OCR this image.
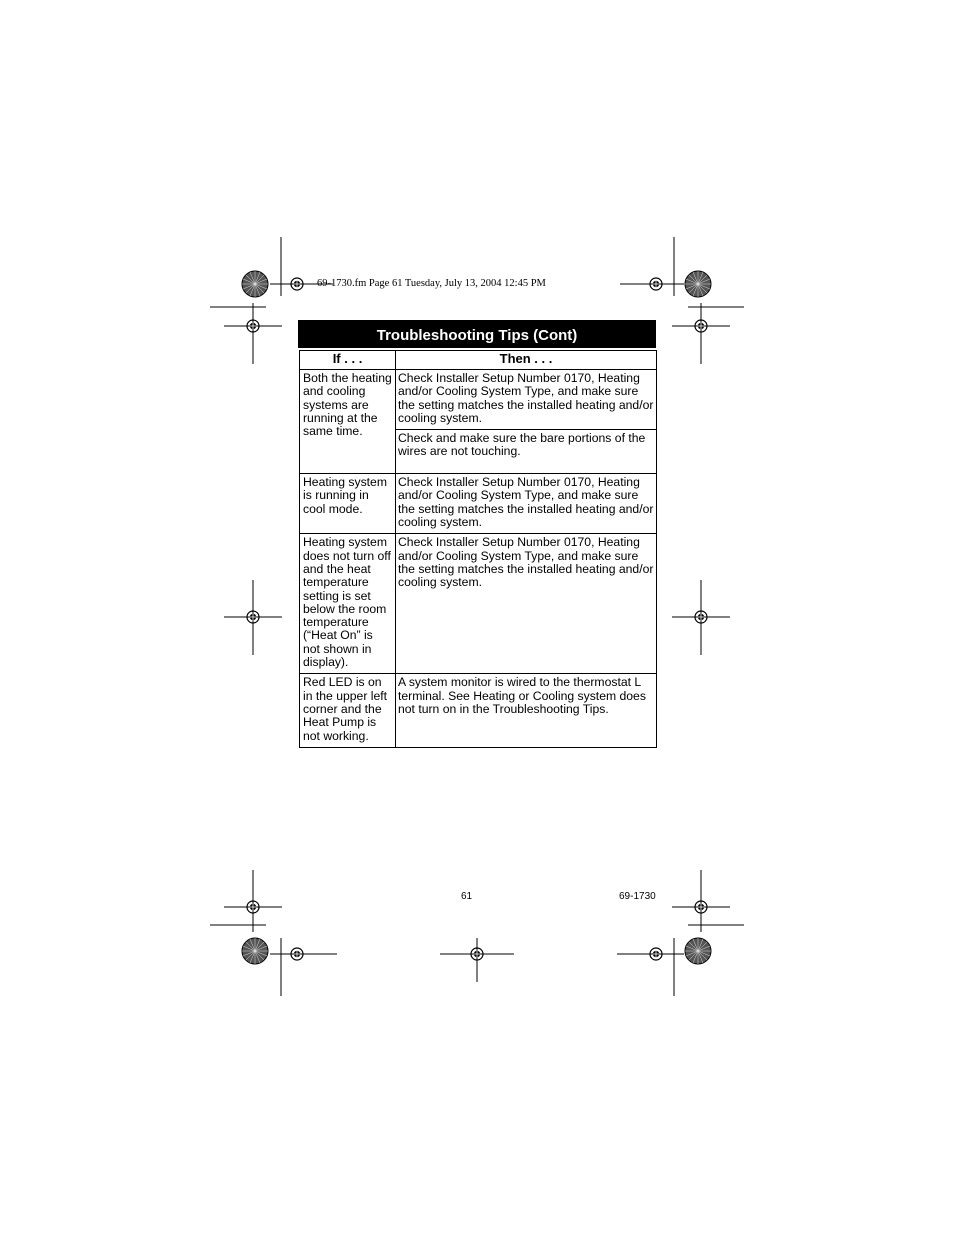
69-1730.fm Page 61 Tuesday, July 13, 2004 12:45 PM
Troubleshooting Tips (Cont)
If . . .	Then . . .
Both the heating and cooling systems are running at the same time.	Check Installer Setup Number 0170, Heating and/or Cooling System Type, and make sure the setting matches the installed heating and/or cooling system.
	Check and make sure the bare portions of the wires are not touching.
Heating system is running in cool mode.	Check Installer Setup Number 0170, Heating and/or Cooling System Type, and make sure the setting matches the installed heating and/or cooling system.
Heating system does not turn off and the heat temperature setting is set below the room temperature (“Heat On” is not shown in display).	Check Installer Setup Number 0170, Heating and/or Cooling System Type, and make sure the setting matches the installed heating and/or cooling system.
Red LED is on in the upper left corner and the Heat Pump is not working.	A system monitor is wired to the thermostat L terminal. See Heating or Cooling system does not turn on in the Troubleshooting Tips.
61	69-1730
